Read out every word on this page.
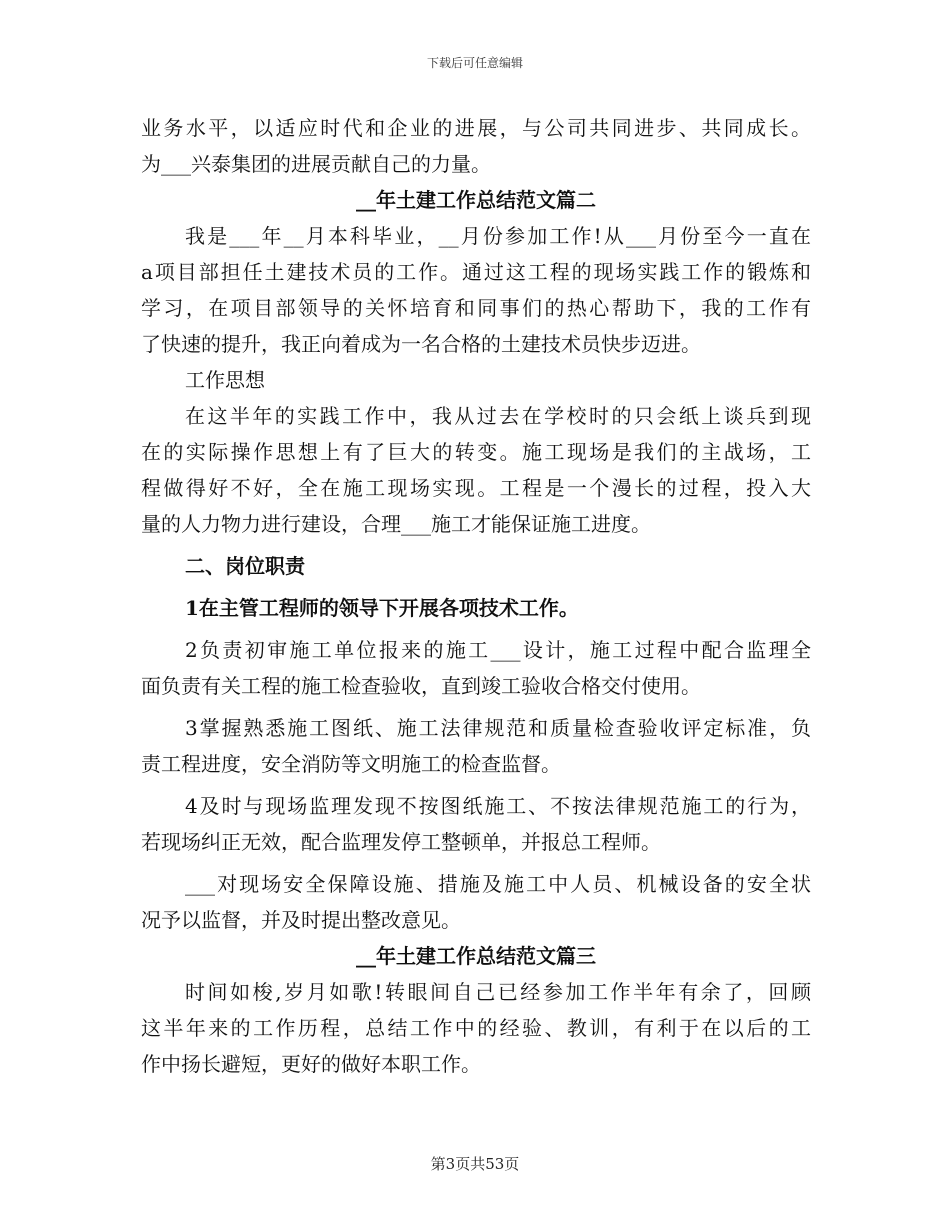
下载后可任意编辑
业务水平，以适应时代和企业的进展，与公司共同进步、共同成长。
为___兴泰集团的进展贡献自己的力量。
__年土建工作总结范文篇二
我是___年__月本科毕业，__月份参加工作!从___月份至今一直在
a项目部担任土建技术员的工作。通过这工程的现场实践工作的锻炼和
学习，在项目部领导的关怀培育和同事们的热心帮助下，我的工作有
了快速的提升，我正向着成为一名合格的土建技术员快步迈进。
工作思想
在这半年的实践工作中，我从过去在学校时的只会纸上谈兵到现
在的实际操作思想上有了巨大的转变。施工现场是我们的主战场，工
程做得好不好，全在施工现场实现。工程是一个漫长的过程，投入大
量的人力物力进行建设，合理___施工才能保证施工进度。
二、岗位职责
1在主管工程师的领导下开展各项技术工作。
2负责初审施工单位报来的施工___设计，施工过程中配合监理全
面负责有关工程的施工检查验收，直到竣工验收合格交付使用。
3掌握熟悉施工图纸、施工法律规范和质量检查验收评定标准，负
责工程进度，安全消防等文明施工的检查监督。
4及时与现场监理发现不按图纸施工、不按法律规范施工的行为，
若现场纠正无效，配合监理发停工整顿单，并报总工程师。
___对现场安全保障设施、措施及施工中人员、机械设备的安全状
况予以监督，并及时提出整改意见。
__年土建工作总结范文篇三
时间如梭,岁月如歌!转眼间自己已经参加工作半年有余了，回顾
这半年来的工作历程，总结工作中的经验、教训，有利于在以后的工
作中扬长避短，更好的做好本职工作。
第3页共53页
